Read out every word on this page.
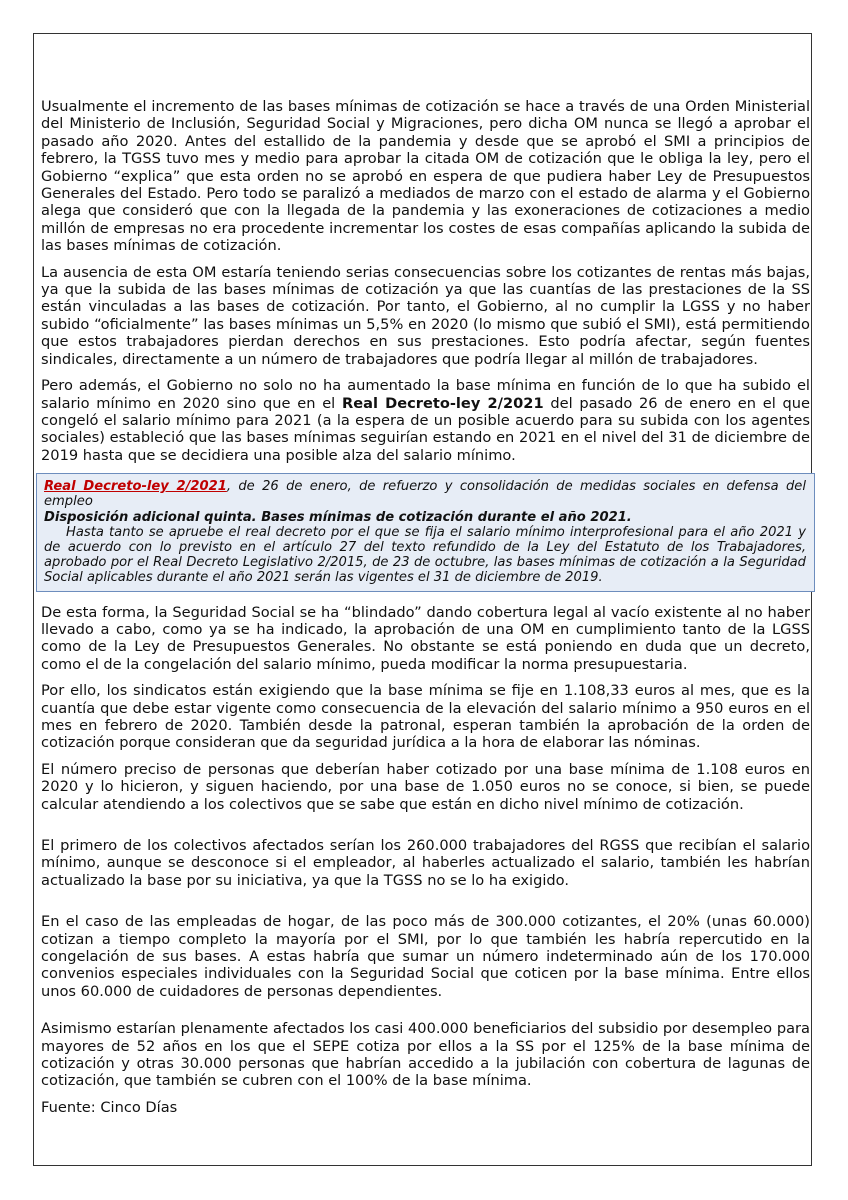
Usualmente el incremento de las bases mínimas de cotización se hace a través de una Orden Ministerial del Ministerio de Inclusión, Seguridad Social y Migraciones, pero dicha OM nunca se llegó a aprobar el pasado año 2020. Antes del estallido de la pandemia y desde que se aprobó el SMI a principios de febrero, la TGSS tuvo mes y medio para aprobar la citada OM de cotización que le obliga la ley, pero el Gobierno “explica” que esta orden no se aprobó en espera de que pudiera haber Ley de Presupuestos Generales del Estado. Pero todo se paralizó a mediados de marzo con el estado de alarma y el Gobierno alega que consideró que con la llegada de la pandemia y las exoneraciones de cotizaciones a medio millón de empresas no era procedente incrementar los costes de esas compañías aplicando la subida de las bases mínimas de cotización.

La ausencia de esta OM estaría teniendo serias consecuencias sobre los cotizantes de rentas más bajas, ya que la subida de las bases mínimas de cotización ya que las cuantías de las prestaciones de la SS están vinculadas a las bases de cotización. Por tanto, el Gobierno, al no cumplir la LGSS y no haber subido “oficialmente” las bases mínimas un 5,5% en 2020 (lo mismo que subió el SMI), está permitiendo que estos trabajadores pierdan derechos en sus prestaciones. Esto podría afectar, según fuentes sindicales, directamente a un número de trabajadores que podría llegar al millón de trabajadores.

Pero además, el Gobierno no solo no ha aumentado la base mínima en función de lo que ha subido el salario mínimo en 2020 sino que en el Real Decreto-ley 2/2021 del pasado 26 de enero en el que congeló el salario mínimo para 2021 (a la espera de un posible acuerdo para su subida con los agentes sociales) estableció que las bases mínimas seguirían estando en 2021 en el nivel del 31 de diciembre de 2019 hasta que se decidiera una posible alza del salario mínimo.

Real Decreto-ley 2/2021, de 26 de enero, de refuerzo y consolidación de medidas sociales en defensa del empleo
Disposición adicional quinta. Bases mínimas de cotización durante el año 2021.

Hasta tanto se apruebe el real decreto por el que se fija el salario mínimo interprofesional para el año 2021 y de acuerdo con lo previsto en el artículo 27 del texto refundido de la Ley del Estatuto de los Trabajadores, aprobado por el Real Decreto Legislativo 2/2015, de 23 de octubre, las bases mínimas de cotización a la Seguridad Social aplicables durante el año 2021 serán las vigentes el 31 de diciembre de 2019.

De esta forma, la Seguridad Social se ha “blindado” dando cobertura legal al vacío existente al no haber llevado a cabo, como ya se ha indicado, la aprobación de una OM en cumplimiento tanto de la LGSS como de la Ley de Presupuestos Generales. No obstante se está poniendo en duda que un decreto, como el de la congelación del salario mínimo, pueda modificar la norma presupuestaria.

Por ello, los sindicatos están exigiendo que la base mínima se fije en 1.108,33 euros al mes, que es la cuantía que debe estar vigente como consecuencia de la elevación del salario mínimo a 950 euros en el mes en febrero de 2020. También desde la patronal, esperan también la aprobación de la orden de cotización porque consideran que da seguridad jurídica a la hora de elaborar las nóminas.

El número preciso de personas que deberían haber cotizado por una base mínima de 1.108 euros en 2020 y lo hicieron, y siguen haciendo, por una base de 1.050 euros no se conoce, si bien, se puede calcular atendiendo a los colectivos que se sabe que están en dicho nivel mínimo de cotización.

El primero de los colectivos afectados serían los 260.000 trabajadores del RGSS que recibían el salario mínimo, aunque se desconoce si el empleador, al haberles actualizado el salario, también les habrían actualizado la base por su iniciativa, ya que la TGSS no se lo ha exigido.

En el caso de las empleadas de hogar, de las poco más de 300.000 cotizantes, el 20% (unas 60.000) cotizan a tiempo completo la mayoría por el SMI, por lo que también les habría repercutido en la congelación de sus bases. A estas habría que sumar un número indeterminado aún de los 170.000 convenios especiales individuales con la Seguridad Social que coticen por la base mínima. Entre ellos unos 60.000 de cuidadores de personas dependientes.

Asimismo estarían plenamente afectados los casi 400.000 beneficiarios del subsidio por desempleo para mayores de 52 años en los que el SEPE cotiza por ellos a la SS por el 125% de la base mínima de cotización y otras 30.000 personas que habrían accedido a la jubilación con cobertura de lagunas de cotización, que también se cubren con el 100% de la base mínima.

Fuente: Cinco Días
